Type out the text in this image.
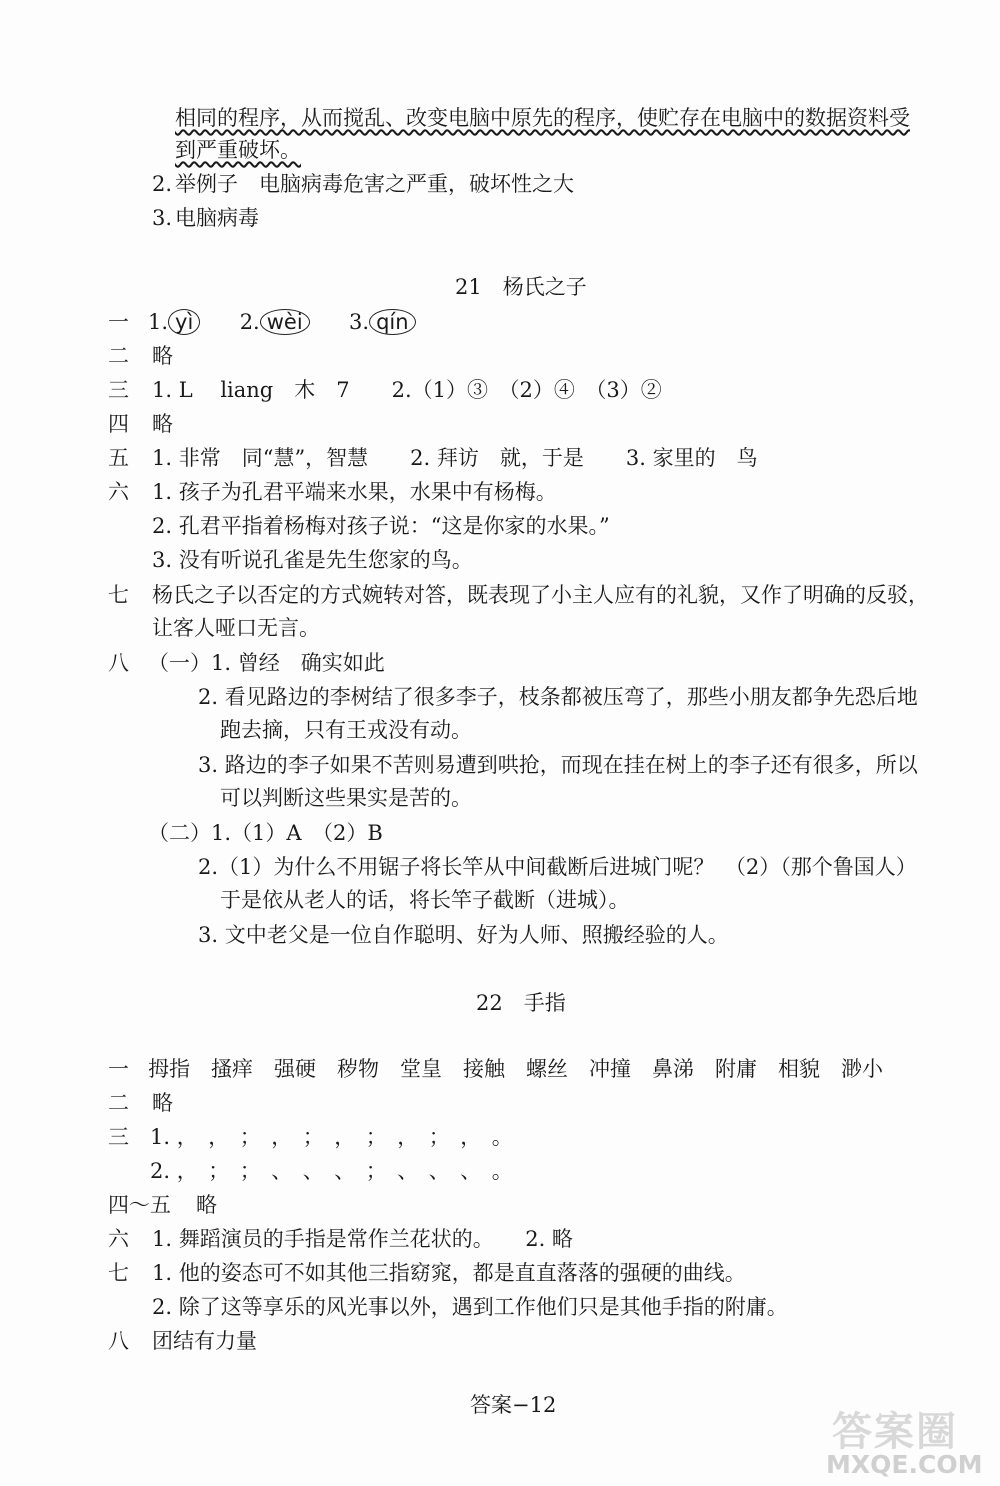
相同的程序，从而搅乱、改变电脑中原先的程序，使贮存在电脑中的数据资料受
到严重破坏。
2. 举例子　电脑病毒危害之严重，破坏性之大
3. 电脑病毒
21　杨氏之子
一 1. yì 2. wèi 3. qín
二 略
三 1. L　 liang　木　7　　2.（1）③　（2）④　（3）②
四 略
五 1. 非常　同“慧”，智慧　　2. 拜访　就，于是　　3. 家里的　鸟
六 1. 孩子为孔君平端来水果，水果中有杨梅。
2. 孔君平指着杨梅对孩子说：“这是你家的水果。”
3. 没有听说孔雀是先生您家的鸟。
七 杨氏之子以否定的方式婉转对答，既表现了小主人应有的礼貌，又作了明确的反驳，
让客人哑口无言。
八 （一）1. 曾经　确实如此
2. 看见路边的李树结了很多李子，枝条都被压弯了，那些小朋友都争先恐后地
跑去摘，只有王戎没有动。
3. 路边的李子如果不苦则易遭到哄抢，而现在挂在树上的李子还有很多，所以
可以判断这些果实是苦的。
（二）1.（1）A　（2）B
2.（1）为什么不用锯子将长竿从中间截断后进城门呢？　（2）（那个鲁国人）
于是依从老人的话，将长竿子截断（进城）。
3. 文中老父是一位自作聪明、好为人师、照搬经验的人。
22　手指
一 拇指　搔痒　强硬　秽物　堂皇　接触　螺丝　冲撞　鼻涕　附庸　相貌　渺小
二 略
三 1. ，　，　；　，　；　，　；　，　；　，　。
2. ，　；　；　、　、　、　；　、　、　、　。
四～五 略
六 1. 舞蹈演员的手指是常作兰花状的。　　2. 略
七 1. 他的姿态可不如其他三指窈窕，都是直直落落的强硬的曲线。
2. 除了这等享乐的风光事以外，遇到工作他们只是其他手指的附庸。
八 团结有力量
答案−12
答案圈
MXQE.COM
